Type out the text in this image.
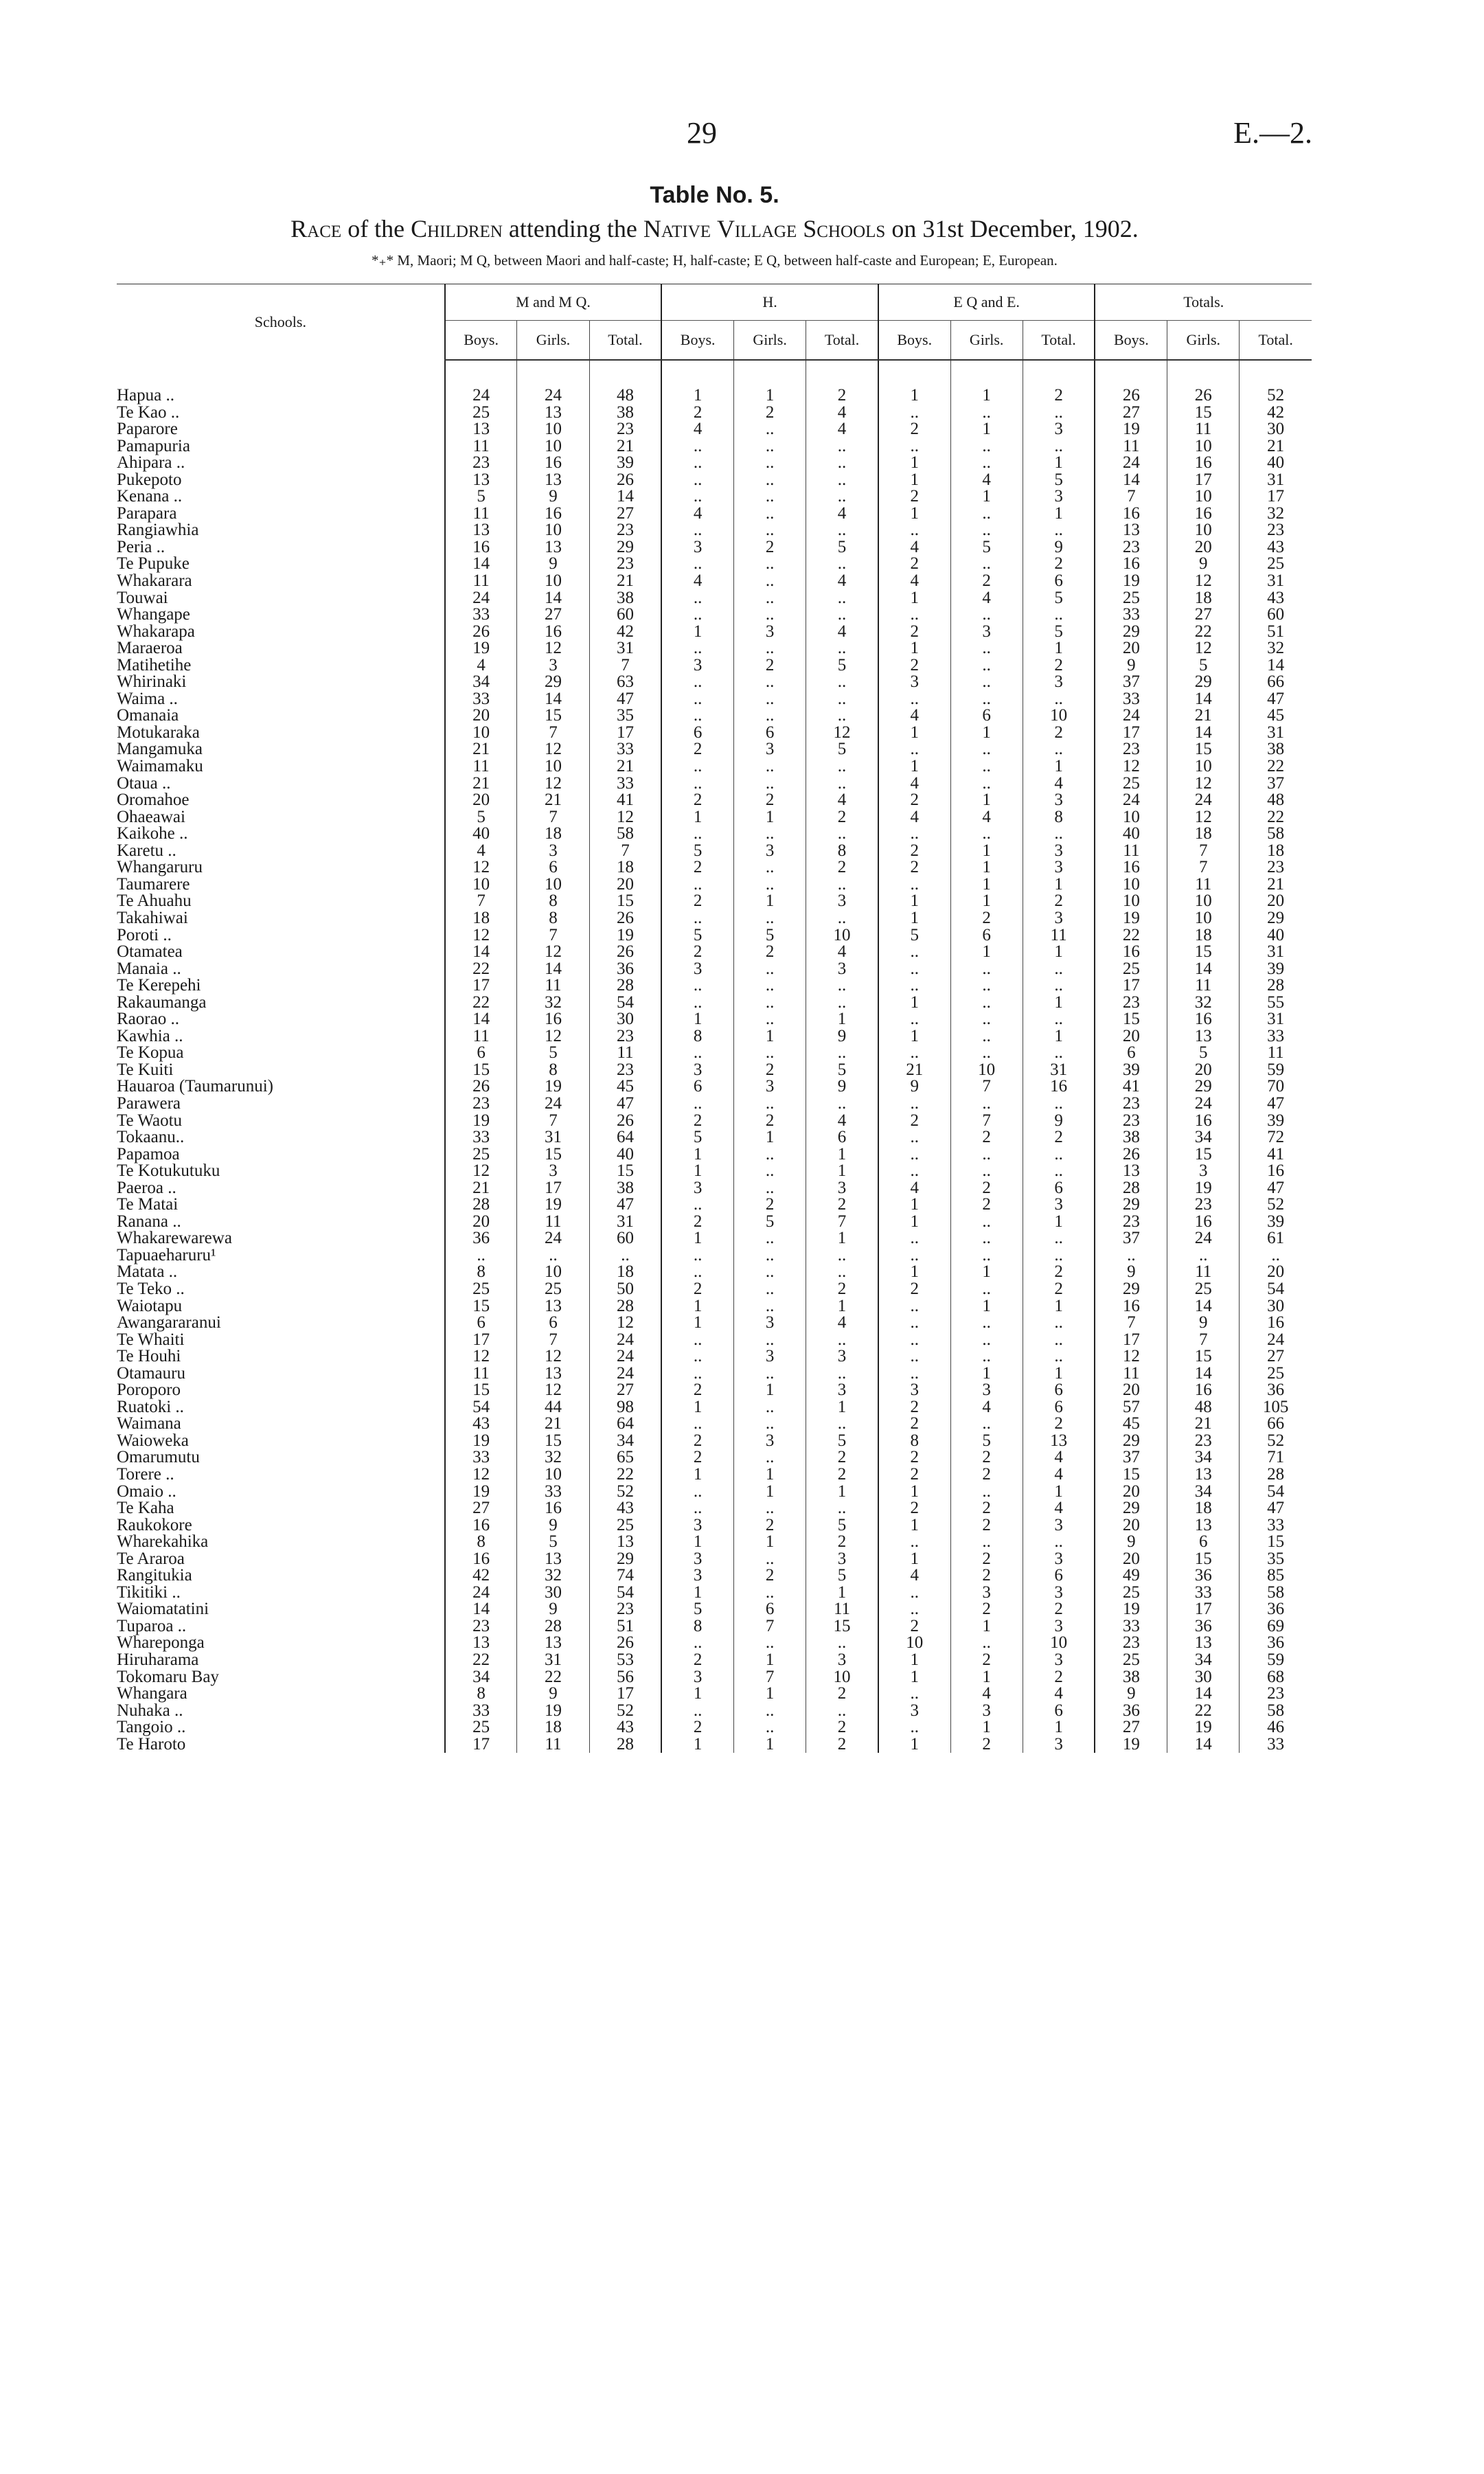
29	E.—2.
Table No. 5.
Race of the Children attending the Native Village Schools on 31st December, 1902.
*₊* M, Maori; M Q, between Maori and half-caste; H, half-caste; E Q, between half-caste and European; E, European.
Schools.		M and M Q.			H.			E Q and E.			Totals.		
		Boys.	Girls.	Total.	Boys.	Girls.	Total.	Boys.	Girls.	Total.	Boys.	Girls.	Total.

Hapua ..		24	24	48	1	1	2	1	1	2	26	26	52
Te Kao ..		25	13	38	2	2	4	..	..	..	27	15	42
Paparore		13	10	23	4	..	4	2	1	3	19	11	30
Pamapuria		11	10	21	..	..	..	..	..	..	11	10	21
Ahipara ..		23	16	39	..	..	..	1	..	1	24	16	40
Pukepoto		13	13	26	..	..	..	1	4	5	14	17	31
Kenana ..		5	9	14	..	..	..	2	1	3	7	10	17
Parapara		11	16	27	4	..	4	1	..	1	16	16	32
Rangiawhia		13	10	23	..	..	..	..	..	..	13	10	23
Peria ..		16	13	29	3	2	5	4	5	9	23	20	43
Te Pupuke		14	9	23	..	..	..	2	..	2	16	9	25
Whakarara		11	10	21	4	..	4	4	2	6	19	12	31
Touwai		24	14	38	..	..	..	1	4	5	25	18	43
Whangape		33	27	60	..	..	..	..	..	..	33	27	60
Whakarapa		26	16	42	1	3	4	2	3	5	29	22	51
Maraeroa		19	12	31	..	..	..	1	..	1	20	12	32
Matihetihe		4	3	7	3	2	5	2	..	2	9	5	14
Whirinaki		34	29	63	..	..	..	3	..	3	37	29	66
Waima ..		33	14	47	..	..	..	..	..	..	33	14	47
Omanaia		20	15	35	..	..	..	4	6	10	24	21	45
Motukaraka		10	7	17	6	6	12	1	1	2	17	14	31
Mangamuka		21	12	33	2	3	5	..	..	..	23	15	38
Waimamaku		11	10	21	..	..	..	1	..	1	12	10	22
Otaua ..		21	12	33	..	..	..	4	..	4	25	12	37
Oromahoe		20	21	41	2	2	4	2	1	3	24	24	48
Ohaeawai		5	7	12	1	1	2	4	4	8	10	12	22
Kaikohe ..		40	18	58	..	..	..	..	..	..	40	18	58
Karetu ..		4	3	7	5	3	8	2	1	3	11	7	18
Whangaruru		12	6	18	2	..	2	2	1	3	16	7	23
Taumarere		10	10	20	..	..	..	..	1	1	10	11	21
Te Ahuahu		7	8	15	2	1	3	1	1	2	10	10	20
Takahiwai		18	8	26	..	..	..	1	2	3	19	10	29
Poroti ..		12	7	19	5	5	10	5	6	11	22	18	40
Otamatea		14	12	26	2	2	4	..	1	1	16	15	31
Manaia ..		22	14	36	3	..	3	..	..	..	25	14	39
Te Kerepehi		17	11	28	..	..	..	..	..	..	17	11	28
Rakaumanga		22	32	54	..	..	..	1	..	1	23	32	55
Raorao ..		14	16	30	1	..	1	..	..	..	15	16	31
Kawhia ..		11	12	23	8	1	9	1	..	1	20	13	33
Te Kopua		6	5	11	..	..	..	..	..	..	6	5	11
Te Kuiti		15	8	23	3	2	5	21	10	31	39	20	59
Hauaroa (Taumarunui)		26	19	45	6	3	9	9	7	16	41	29	70
Parawera		23	24	47	..	..	..	..	..	..	23	24	47
Te Waotu		19	7	26	2	2	4	2	7	9	23	16	39
Tokaanu..		33	31	64	5	1	6	..	2	2	38	34	72
Papamoa		25	15	40	1	..	1	..	..	..	26	15	41
Te Kotukutuku		12	3	15	1	..	1	..	..	..	13	3	16
Paeroa ..		21	17	38	3	..	3	4	2	6	28	19	47
Te Matai		28	19	47	..	2	2	1	2	3	29	23	52
Ranana ..		20	11	31	2	5	7	1	..	1	23	16	39
Whakarewarewa		36	24	60	1	..	1	..	..	..	37	24	61
Tapuaeharuru¹		..	..	..	..	..	..	..	..	..	..	..	..
Matata ..		8	10	18	..	..	..	1	1	2	9	11	20
Te Teko ..		25	25	50	2	..	2	2	..	2	29	25	54
Waiotapu		15	13	28	1	..	1	..	1	1	16	14	30
Awangararanui		6	6	12	1	3	4	..	..	..	7	9	16
Te Whaiti		17	7	24	..	..	..	..	..	..	17	7	24
Te Houhi		12	12	24	..	3	3	..	..	..	12	15	27
Otamauru		11	13	24	..	..	..	..	1	1	11	14	25
Poroporo		15	12	27	2	1	3	3	3	6	20	16	36
Ruatoki ..		54	44	98	1	..	1	2	4	6	57	48	105
Waimana		43	21	64	..	..	..	2	..	2	45	21	66
Waioweka		19	15	34	2	3	5	8	5	13	29	23	52
Omarumutu		33	32	65	2	..	2	2	2	4	37	34	71
Torere ..		12	10	22	1	1	2	2	2	4	15	13	28
Omaio ..		19	33	52	..	1	1	1	..	1	20	34	54
Te Kaha		27	16	43	..	..	..	2	2	4	29	18	47
Raukokore		16	9	25	3	2	5	1	2	3	20	13	33
Wharekahika		8	5	13	1	1	2	..	..	..	9	6	15
Te Araroa		16	13	29	3	..	3	1	2	3	20	15	35
Rangitukia		42	32	74	3	2	5	4	2	6	49	36	85
Tikitiki ..		24	30	54	1	..	1	..	3	3	25	33	58
Waiomatatini		14	9	23	5	6	11	..	2	2	19	17	36
Tuparoa ..		23	28	51	8	7	15	2	1	3	33	36	69
Whareponga		13	13	26	..	..	..	10	..	10	23	13	36
Hiruharama		22	31	53	2	1	3	1	2	3	25	34	59
Tokomaru Bay		34	22	56	3	7	10	1	1	2	38	30	68
Whangara		8	9	17	1	1	2	..	4	4	9	14	23
Nuhaka ..		33	19	52	..	..	..	3	3	6	36	22	58
Tangoio ..		25	18	43	2	..	2	..	1	1	27	19	46
Te Haroto		17	11	28	1	1	2	1	2	3	19	14	33
